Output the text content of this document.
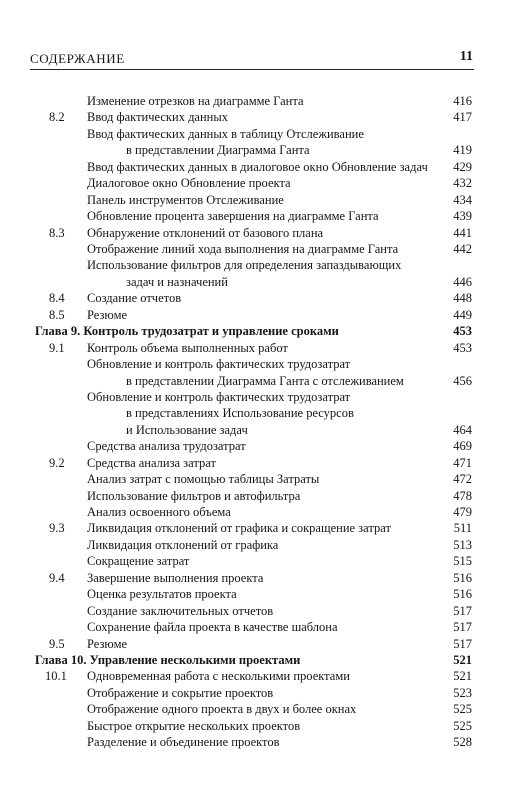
СОДЕРЖАНИЕ	11
Изменение отрезков на диаграмме Ганта	416
8.2 Ввод фактических данных	417
Ввод фактических данных в таблицу Отслеживание
в представлении Диаграмма Ганта	419
Ввод фактических данных в диалоговое окно Обновление задач 429
Диалоговое окно Обновление проекта	432
Панель инструментов Отслеживание	434
Обновление процента завершения на диаграмме Ганта	439
8.3 Обнаружение отклонений от базового плана	441
Отображение линий хода выполнения на диаграмме Ганта	442
Использование фильтров для определения запаздывающих
задач и назначений	446
8.4 Создание отчетов	448
8.5 Резюме	449
Глава 9. Контроль трудозатрат и управление сроками	453
9.1 Контроль объема выполненных работ	453
Обновление и контроль фактических трудозатрат
в представлении Диаграмма Ганта с отслеживанием	456
Обновление и контроль фактических трудозатрат
в представлениях Использование ресурсов
и Использование задач	464
Средства анализа трудозатрат	469
9.2 Средства анализа затрат	471
Анализ затрат с помощью таблицы Затраты	472
Использование фильтров и автофильтра	478
Анализ освоенного объема	479
9.3 Ликвидация отклонений от графика и сокращение затрат	511
Ликвидация отклонений от графика	513
Сокращение затрат	515
9.4 Завершение выполнения проекта	516
Оценка результатов проекта	516
Создание заключительных отчетов	517
Сохранение файла проекта в качестве шаблона	517
9.5 Резюме	517
Глава 10. Управление несколькими проектами	521
10.1 Одновременная работа с несколькими проектами	521
Отображение и сокрытие проектов	523
Отображение одного проекта в двух и более окнах	525
Быстрое открытие нескольких проектов	525
Разделение и объединение проектов	528
